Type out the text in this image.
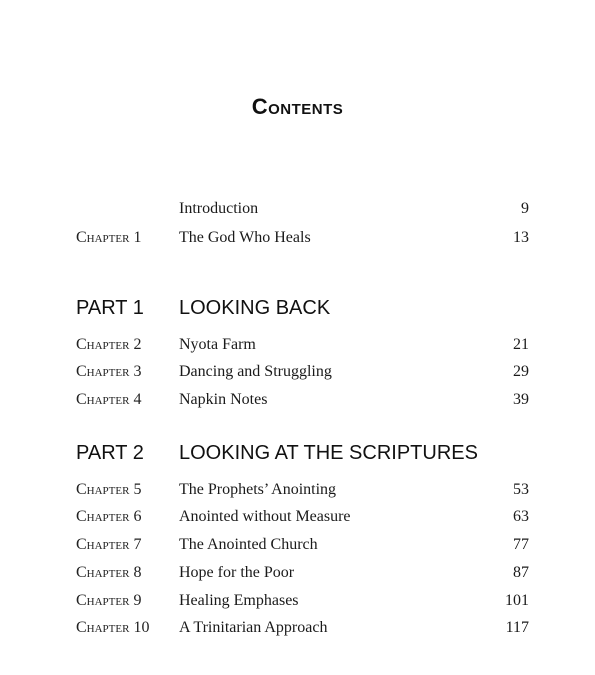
Contents
Introduction	9
Chapter 1 The God Who Heals	13
PART 1 LOOKING BACK
Chapter 2 Nyota Farm	21
Chapter 3 Dancing and Struggling	29
Chapter 4 Napkin Notes	39
PART 2 LOOKING AT THE SCRIPTURES
Chapter 5 The Prophets’ Anointing	53
Chapter 6 Anointed without Measure	63
Chapter 7 The Anointed Church	77
Chapter 8 Hope for the Poor	87
Chapter 9 Healing Emphases	101
Chapter 10 A Trinitarian Approach	117
